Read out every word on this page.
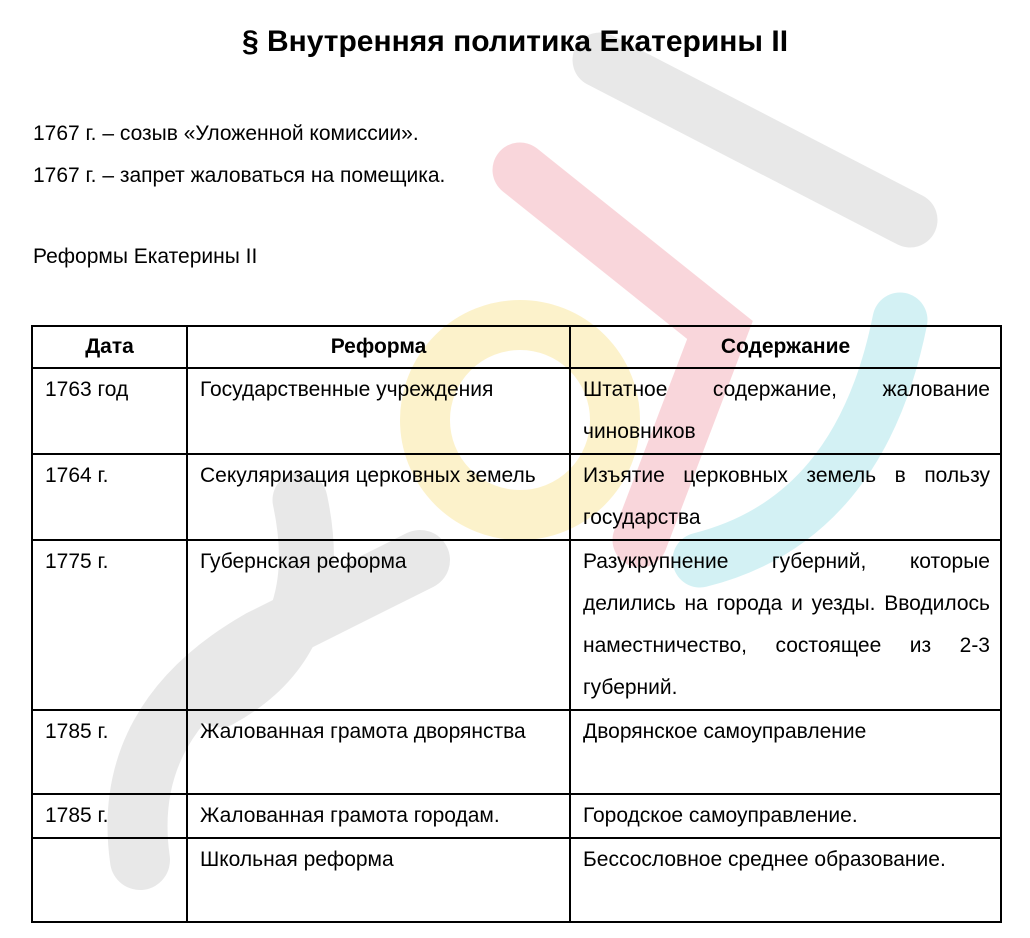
§ Внутренняя политика Екатерины II
1767 г. – созыв «Уложенной комиссии».
1767 г. – запрет жаловаться на помещика.
Реформы Екатерины II
Дата	Реформа	Содержание
1763 год	Государственные учреждения	Штатное содержание, жалование чиновников
1764 г.	Секуляризация церковных земель	Изъятие церковных земель в пользу государства
1775 г.	Губернская реформа	Разукрупнение губерний, которые делились на города и уезды. Вводилось наместничество, состоящее из 2-3 губерний.
1785 г.	Жалованная грамота дворянства	Дворянское самоуправление
1785 г.	Жалованная грамота городам.	Городское самоуправление.
	Школьная реформа	Бессословное среднее образование.
